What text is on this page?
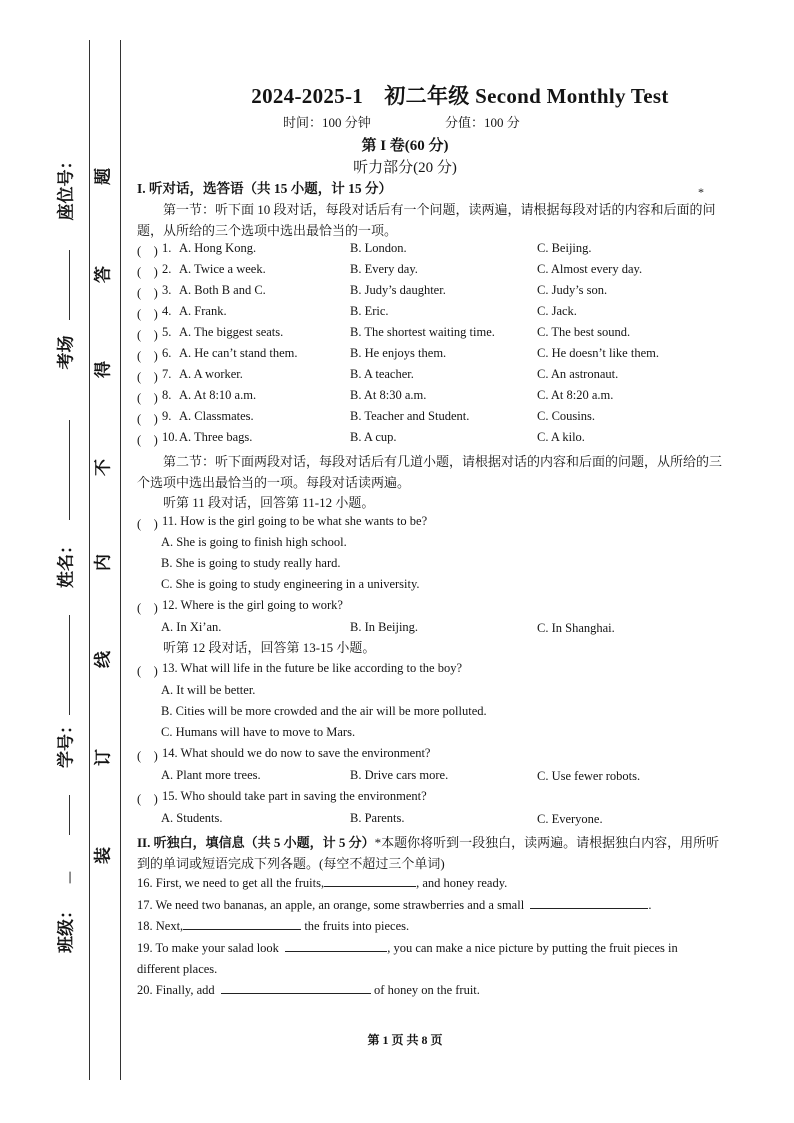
座位号：
考场
姓名：
学号：
—
班级：
题
答
得
不
内
线
订
装
2024-2025-1　初二年级 Second Monthly Test
时间：100 分钟	分值：100 分
第 I 卷(60 分)
听力部分(20 分)
I. 听对话，选答语（共 15 小题，计 15 分）	*
第一节：听下面 10 段对话，每段对话后有一个问题，读两遍，请根据每段对话的内容和后面的问题，从所给的三个选项中选出最恰当的一项。
(　) 1. A. Hong Kong.	B. London.	C. Beijing.
(　) 2. A. Twice a week.	B. Every day.	C. Almost every day.
(　) 3. A. Both B and C.	B. Judy’s daughter.	C. Judy’s son.
(　) 4. A. Frank.	B. Eric.	C. Jack.
(　) 5. A. The biggest seats.	B. The shortest waiting time.	C. The best sound.
(　) 6. A. He can’t stand them.	B. He enjoys them.	C. He doesn’t like them.
(　) 7. A. A worker.	B. A teacher.	C. An astronaut.
(　) 8. A. At 8:10 a.m.	B. At 8:30 a.m.	C. At 8:20 a.m.
(　) 9. A. Classmates.	B. Teacher and Student.	C. Cousins.
(　) 10. A. Three bags.	B. A cup.	C. A kilo.
第二节：听下面两段对话，每段对话后有几道小题，请根据对话的内容和后面的问题，从所给的三个选项中选出最恰当的一项。每段对话读两遍。
听第 11 段对话，回答第 11-12 小题。
(　) 11. How is the girl going to be what she wants to be?
A. She is going to finish high school.
B. She is going to study really hard.
C. She is going to study engineering in a university.
(　) 12. Where is the girl going to work?
A. In Xi’an.	B. In Beijing.	C. In Shanghai.
听第 12 段对话，回答第 13-15 小题。
(　) 13. What will life in the future be like according to the boy?
A. It will be better.
B. Cities will be more crowded and the air will be more polluted.
C. Humans will have to move to Mars.
(　) 14. What should we do now to save the environment?
A. Plant more trees.	B. Drive cars more.	C. Use fewer robots.
(　) 15. Who should take part in saving the environment?
A. Students.	B. Parents.	C. Everyone.
II. 听独白，填信息（共 5 小题，计 5 分）*本题你将听到一段独白，读两遍。请根据独白内容，用所听到的单词或短语完成下列各题。(每空不超过三个单词)
16. First, we need to get all the fruits,	, and honey ready.
17. We need two bananas, an apple, an orange, some strawberries and a small	.
18. Next,	the fruits into pieces.
19. To make your salad look	, you can make a nice picture by putting the fruit pieces in different places.
20. Finally, add	of honey on the fruit.
第 1 页 共 8 页
